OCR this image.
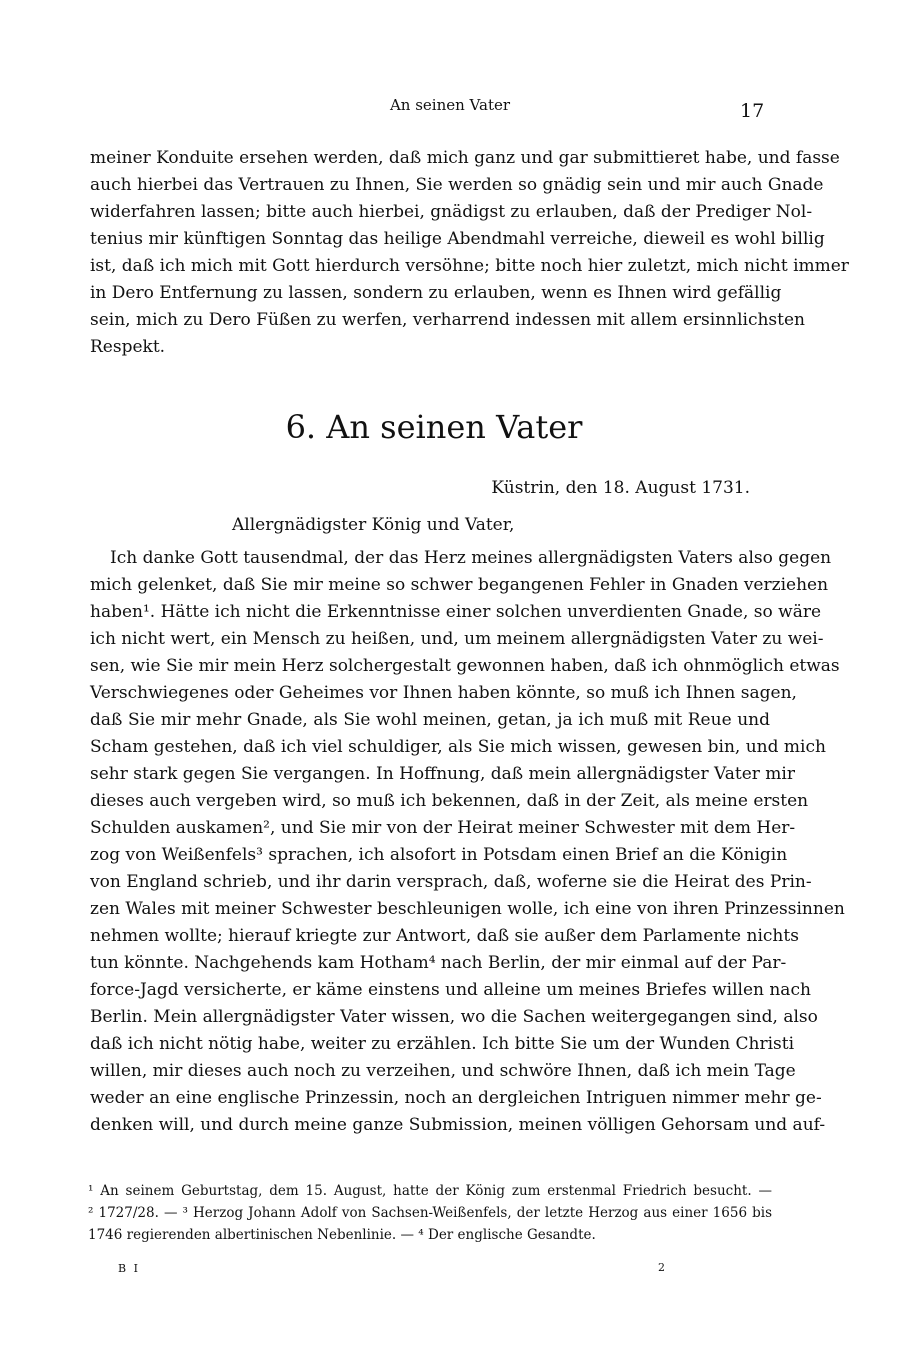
An seinen Vater	17
meiner Konduite ersehen werden, daß mich ganz und gar submittieret habe, und fasse
auch hierbei das Vertrauen zu Ihnen, Sie werden so gnädig sein und mir auch Gnade
widerfahren lassen; bitte auch hierbei, gnädigst zu erlauben, daß der Prediger Nol-
tenius mir künftigen Sonntag das heilige Abendmahl verreiche, dieweil es wohl billig
ist, daß ich mich mit Gott hierdurch versöhne; bitte noch hier zuletzt, mich nicht immer
in Dero Entfernung zu lassen, sondern zu erlauben, wenn es Ihnen wird gefällig
sein, mich zu Dero Füßen zu werfen, verharrend indessen mit allem ersinnlichsten
Respekt.
6. An seinen Vater
Küstrin, den 18. August 1731.
Allergnädigster König und Vater,
Ich danke Gott tausendmal, der das Herz meines allergnädigsten Vaters also gegen
mich gelenket, daß Sie mir meine so schwer begangenen Fehler in Gnaden verziehen
haben¹. Hätte ich nicht die Erkenntnisse einer solchen unverdienten Gnade, so wäre
ich nicht wert, ein Mensch zu heißen, und, um meinem allergnädigsten Vater zu wei-
sen, wie Sie mir mein Herz solchergestalt gewonnen haben, daß ich ohnmöglich etwas
Verschwiegenes oder Geheimes vor Ihnen haben könnte, so muß ich Ihnen sagen,
daß Sie mir mehr Gnade, als Sie wohl meinen, getan, ja ich muß mit Reue und
Scham gestehen, daß ich viel schuldiger, als Sie mich wissen, gewesen bin, und mich
sehr stark gegen Sie vergangen. In Hoffnung, daß mein allergnädigster Vater mir
dieses auch vergeben wird, so muß ich bekennen, daß in der Zeit, als meine ersten
Schulden auskamen², und Sie mir von der Heirat meiner Schwester mit dem Her-
zog von Weißenfels³ sprachen, ich alsofort in Potsdam einen Brief an die Königin
von England schrieb, und ihr darin versprach, daß, woferne sie die Heirat des Prin-
zen Wales mit meiner Schwester beschleunigen wolle, ich eine von ihren Prinzessinnen
nehmen wollte; hierauf kriegte zur Antwort, daß sie außer dem Parlamente nichts
tun könnte. Nachgehends kam Hotham⁴ nach Berlin, der mir einmal auf der Par-
force-Jagd versicherte, er käme einstens und alleine um meines Briefes willen nach
Berlin. Mein allergnädigster Vater wissen, wo die Sachen weitergegangen sind, also
daß ich nicht nötig habe, weiter zu erzählen. Ich bitte Sie um der Wunden Christi
willen, mir dieses auch noch zu verzeihen, und schwöre Ihnen, daß ich mein Tage
weder an eine englische Prinzessin, noch an dergleichen Intriguen nimmer mehr ge-
denken will, und durch meine ganze Submission, meinen völligen Gehorsam und auf-
¹ An seinem Geburtstag, dem 15. August, hatte der König zum erstenmal Friedrich besucht. —
² 1727/28. — ³ Herzog Johann Adolf von Sachsen-Weißenfels, der letzte Herzog aus einer 1656 bis
1746 regierenden albertinischen Nebenlinie. — ⁴ Der englische Gesandte.
B I	2
